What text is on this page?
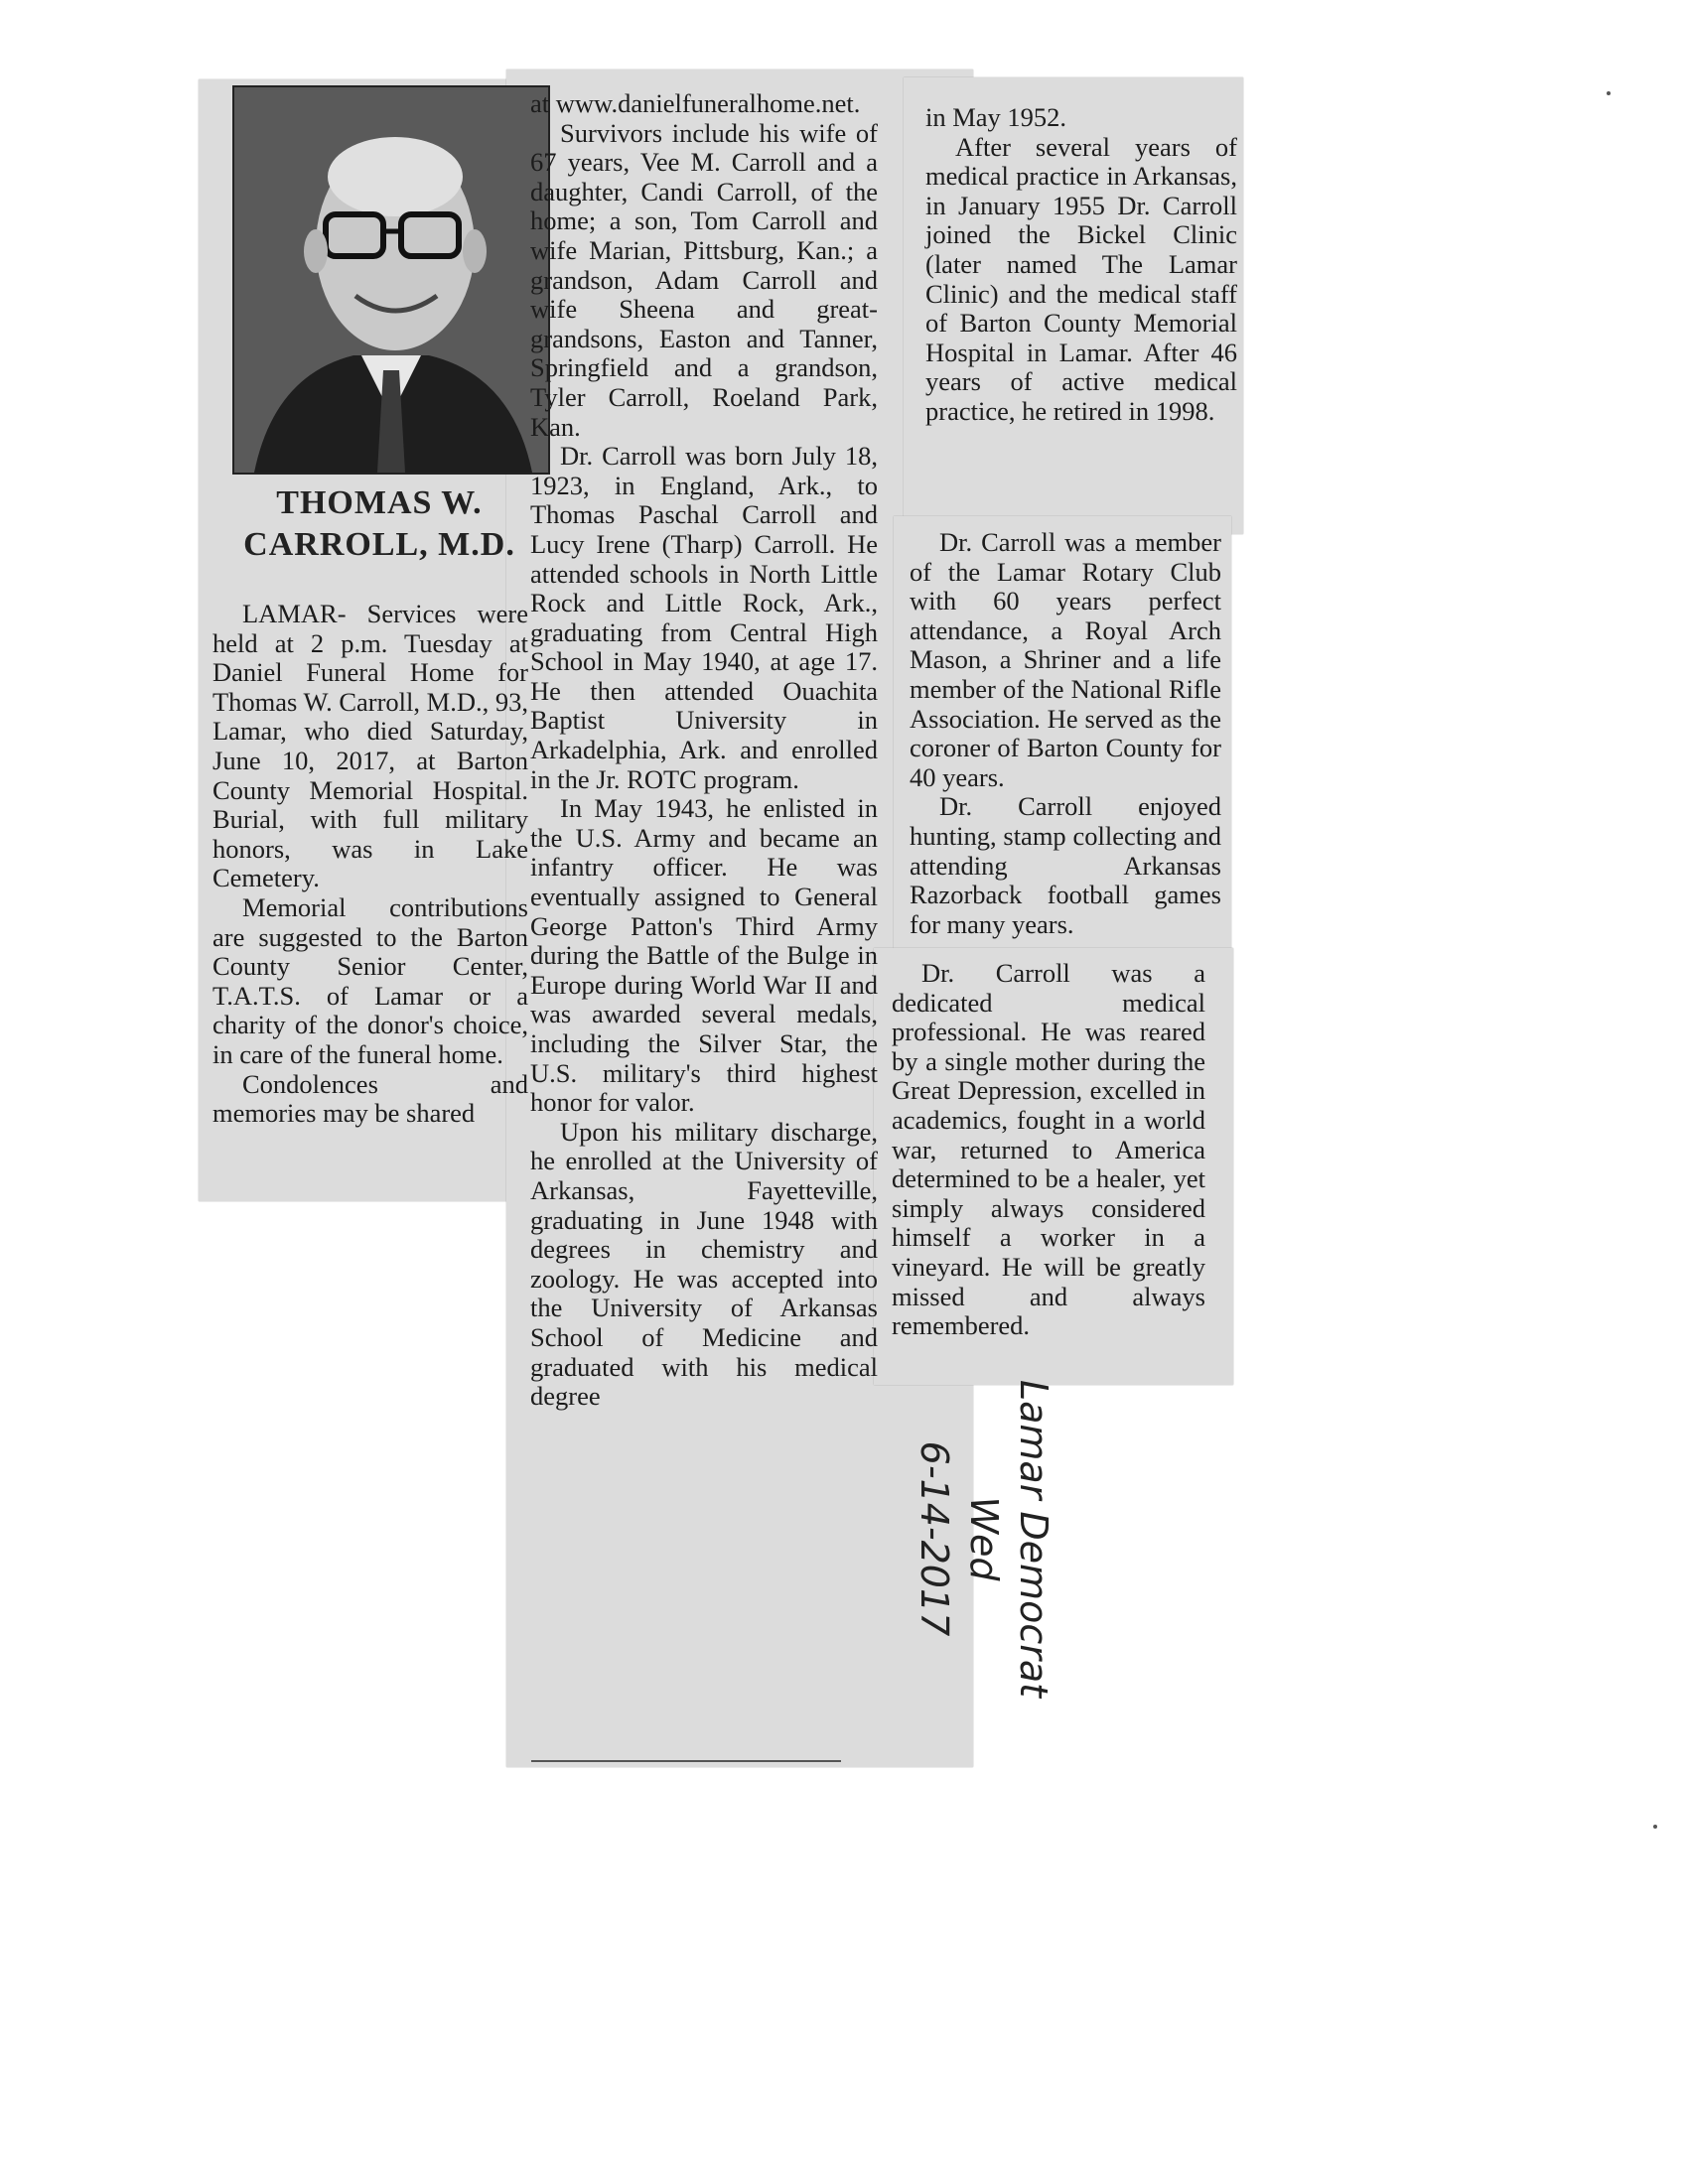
THOMAS W.
CARROLL, M.D.

LAMAR- Services were held at 2 p.m. Tuesday at Daniel Funeral Home for Thomas W. Carroll, M.D., 93, Lamar, who died Saturday, June 10, 2017, at Barton County Memorial Hospital. Burial, with full military honors, was in Lake Cemetery.

Memorial contributions are suggested to the Barton County Senior Center, T.A.T.S. of Lamar or a charity of the donor's choice, in care of the funeral home.

Condolences and memories may be shared

at www.danielfuneralhome.net.

Survivors include his wife of 67 years, Vee M. Carroll and a daughter, Candi Carroll, of the home; a son, Tom Carroll and wife Marian, Pittsburg, Kan.; a grandson, Adam Carroll and wife Sheena and great-grandsons, Easton and Tanner, Springfield and a grandson, Tyler Carroll, Roeland Park, Kan.

Dr. Carroll was born July 18, 1923, in England, Ark., to Thomas Paschal Carroll and Lucy Irene (Tharp) Carroll. He attended schools in North Little Rock and Little Rock, Ark., graduating from Central High School in May 1940, at age 17. He then attended Ouachita Baptist University in Arkadelphia, Ark. and enrolled in the Jr. ROTC program.

In May 1943, he enlisted in the U.S. Army and became an infantry officer. He was eventually assigned to General George Patton's Third Army during the Battle of the Bulge in Europe during World War II and was awarded several medals, including the Silver Star, the U.S. military's third highest honor for valor.

Upon his military discharge, he enrolled at the University of Arkansas, Fayetteville, graduating in June 1948 with degrees in chemistry and zoology. He was accepted into the University of Arkansas School of Medicine and graduated with his medical degree

in May 1952.

After several years of medical practice in Arkansas, in January 1955 Dr. Carroll joined the Bickel Clinic (later named The Lamar Clinic) and the medical staff of Barton County Memorial Hospital in Lamar. After 46 years of active medical practice, he retired in 1998.

Dr. Carroll was a member of the Lamar Rotary Club with 60 years perfect attendance, a Royal Arch Mason, a Shriner and a life member of the National Rifle Association. He served as the coroner of Barton County for 40 years.

Dr. Carroll enjoyed hunting, stamp collecting and attending Arkansas Razorback football games for many years.

Dr. Carroll was a dedicated medical professional. He was reared by a single mother during the Great Depression, excelled in academics, fought in a world war, returned to America determined to be a healer, yet simply always considered himself a worker in a vineyard. He will be greatly missed and always remembered.

Lamar Democrat
Wed
6-14-2017
